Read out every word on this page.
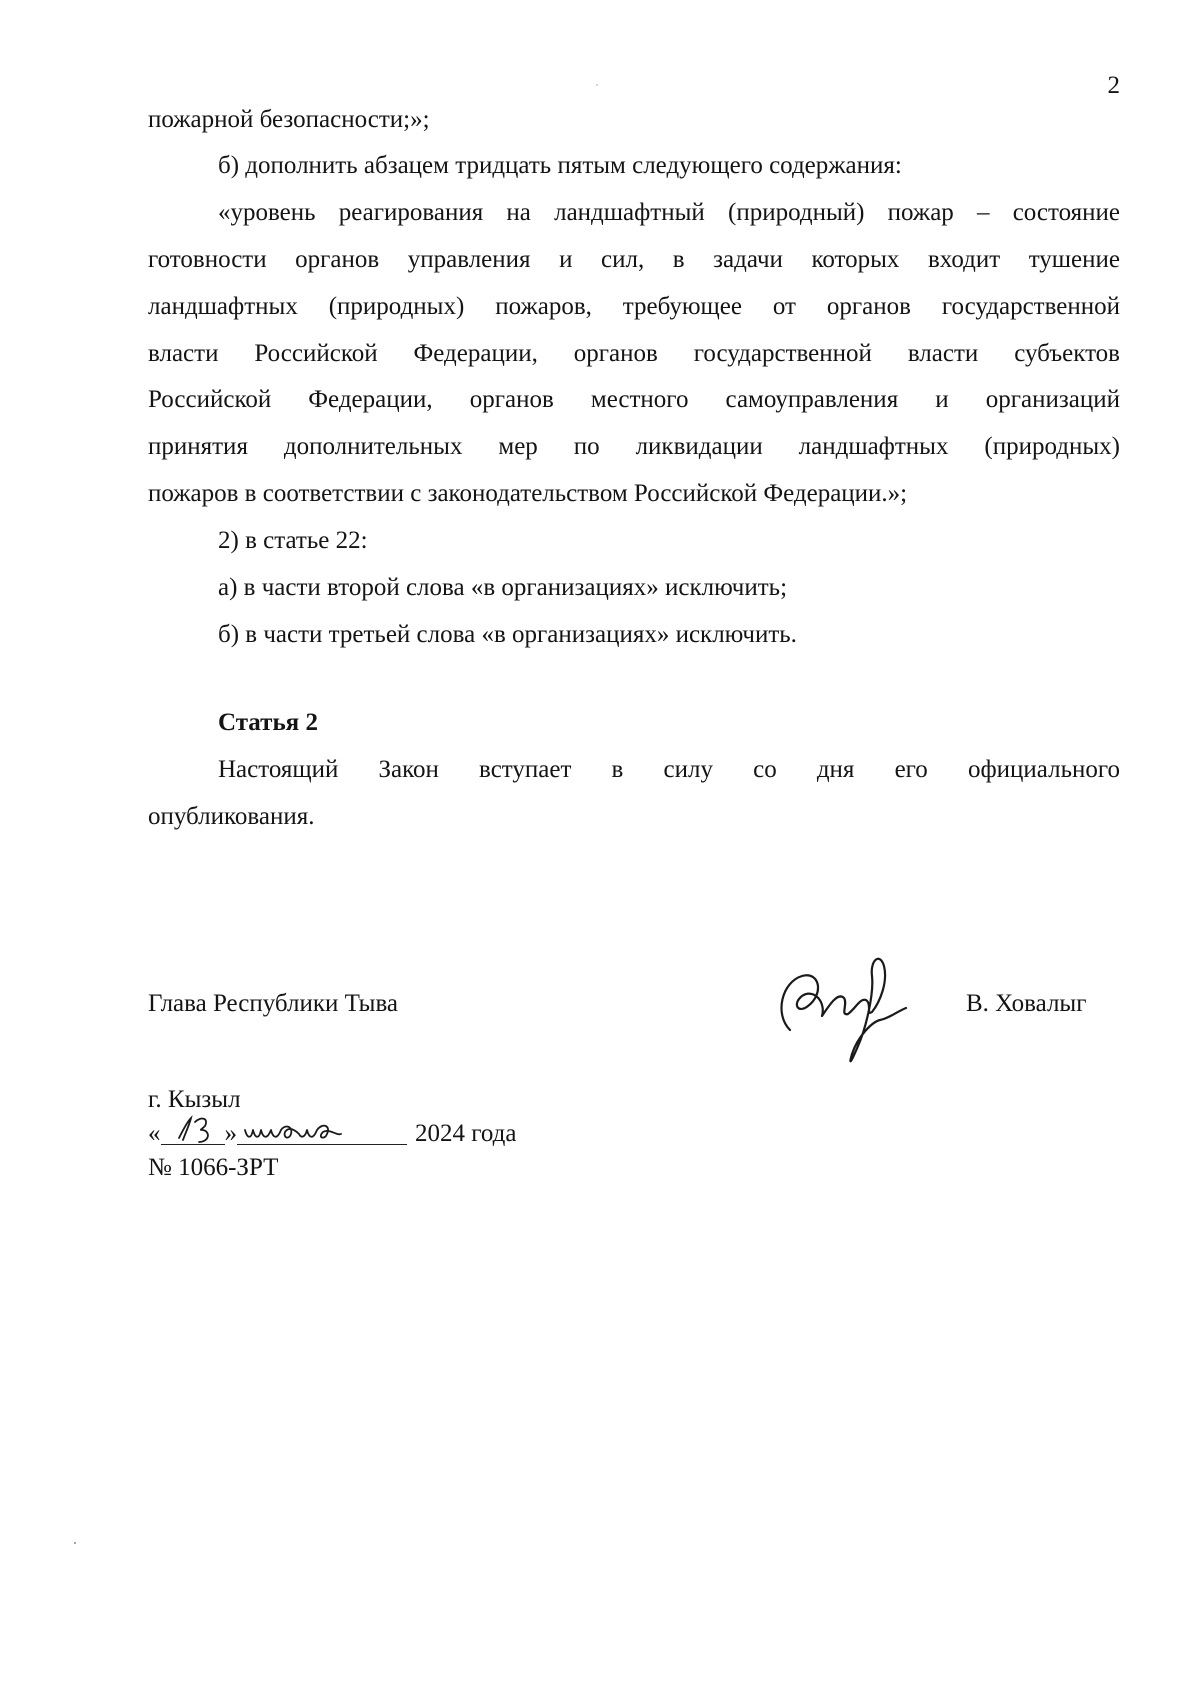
2
пожарной безопасности;»;
б) дополнить абзацем тридцать пятым следующего содержания:
«уровень реагирования на ландшафтный (природный) пожар – состояние
готовности органов управления и сил, в задачи которых входит тушение
ландшафтных (природных) пожаров, требующее от органов государственной
власти Российской Федерации, органов государственной власти субъектов
Российской Федерации, органов местного самоуправления и организаций
принятия дополнительных мер по ликвидации ландшафтных (природных)
пожаров в соответствии с законодательством Российской Федерации.»;
2) в статье 22:
а) в части второй слова «в организациях» исключить;
б) в части третьей слова «в организациях» исключить.
Статья 2
Настоящий Закон вступает в силу со дня его официального
опубликования.
Глава Республики Тыва	В. Ховалыг
г. Кызыл
«	»	2024 года
№ 1066-ЗРТ
